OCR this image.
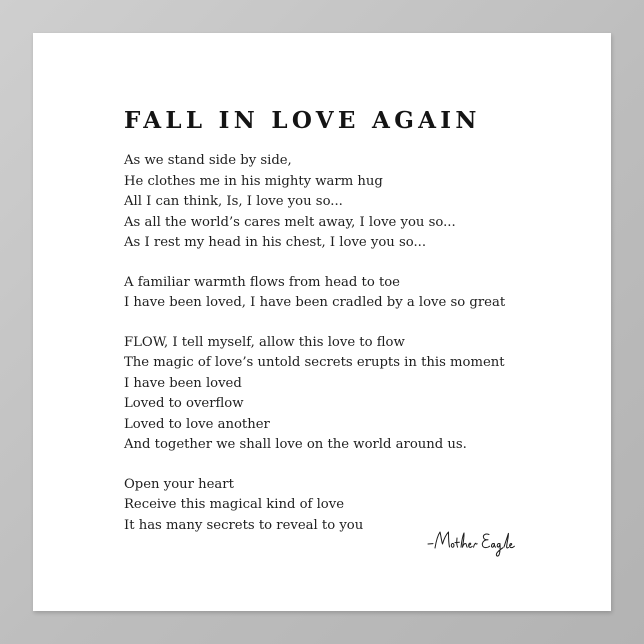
FALL IN LOVE AGAIN

As we stand side by side,
He clothes me in his mighty warm hug
All I can think, Is, I love you so...
As all the world’s cares melt away, I love you so...
As I rest my head in his chest, I love you so...

A familiar warmth flows from head to toe
I have been loved, I have been cradled by a love so great

FLOW, I tell myself, allow this love to flow
The magic of love’s untold secrets erupts in this moment
I have been loved
Loved to overflow
Loved to love another
And together we shall love on the world around us.

Open your heart
Receive this magical kind of love
It has many secrets to reveal to you
